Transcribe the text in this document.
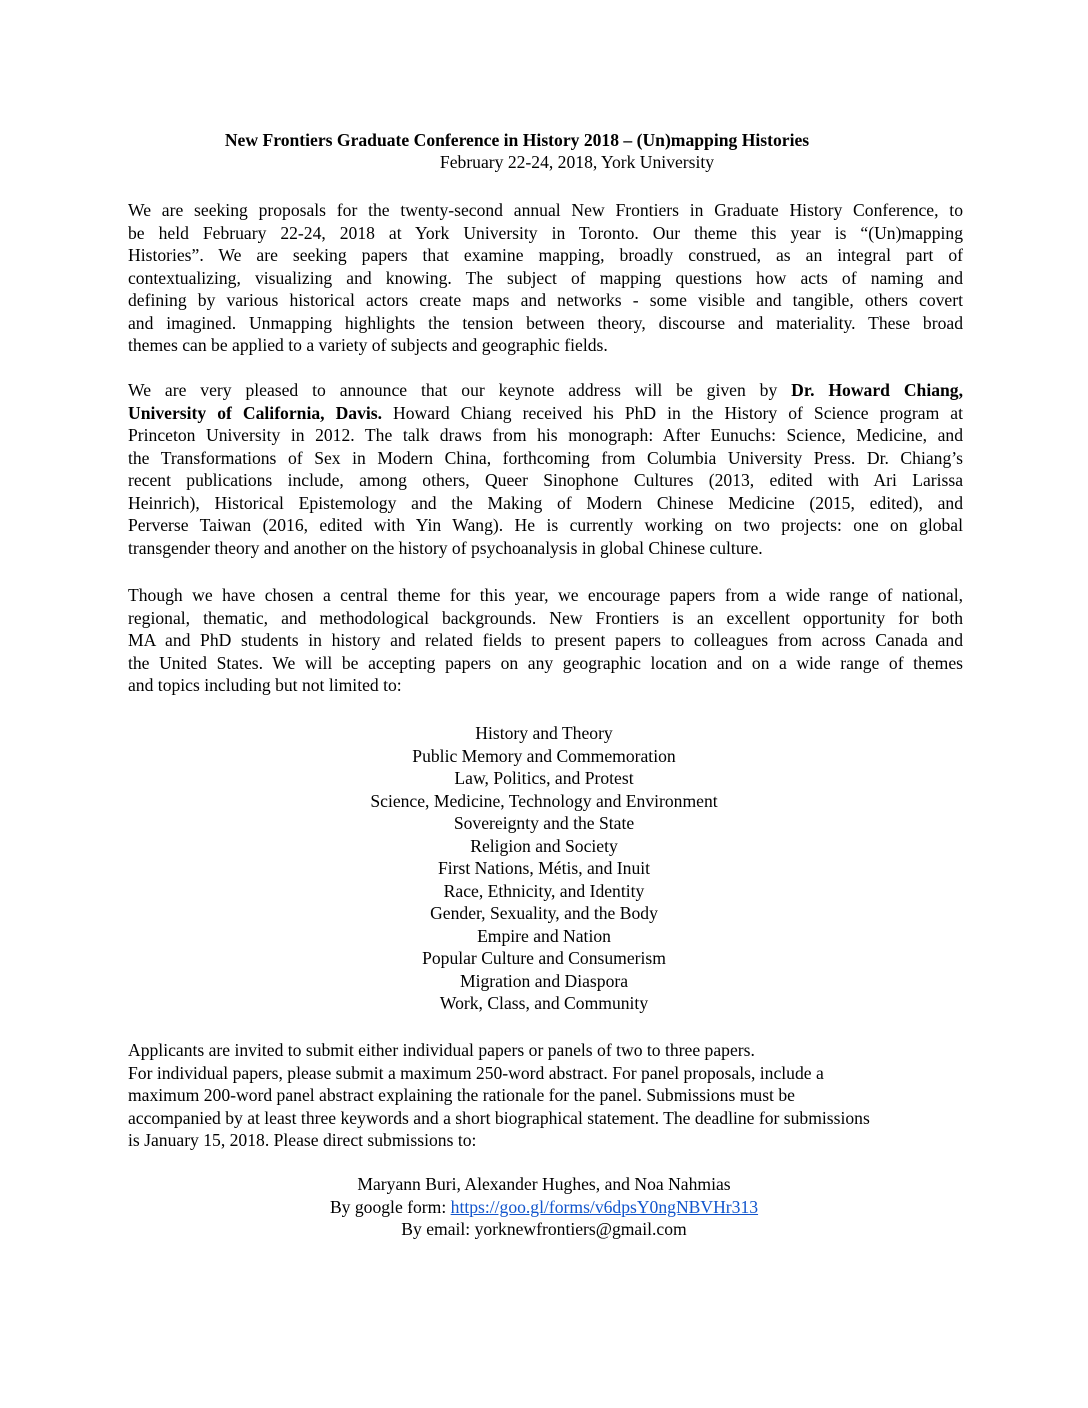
New Frontiers Graduate Conference in History 2018 – (Un)mapping Histories
February 22-24, 2018, York University
We are seeking proposals for the twenty-second annual New Frontiers in Graduate History Conference, to
be held February 22-24, 2018 at York University in Toronto. Our theme this year is “(Un)mapping
Histories”. We are seeking papers that examine mapping, broadly construed, as an integral part of
contextualizing, visualizing and knowing. The subject of mapping questions how acts of naming and
defining by various historical actors create maps and networks - some visible and tangible, others covert
and imagined. Unmapping highlights the tension between theory, discourse and materiality. These broad
themes can be applied to a variety of subjects and geographic fields.
We are very pleased to announce that our keynote address will be given by Dr. Howard Chiang,
University of California, Davis. Howard Chiang received his PhD in the History of Science program at
Princeton University in 2012. The talk draws from his monograph: After Eunuchs: Science, Medicine, and
the Transformations of Sex in Modern China, forthcoming from Columbia University Press. Dr. Chiang’s
recent publications include, among others, Queer Sinophone Cultures (2013, edited with Ari Larissa
Heinrich), Historical Epistemology and the Making of Modern Chinese Medicine (2015, edited), and
Perverse Taiwan (2016, edited with Yin Wang). He is currently working on two projects: one on global
transgender theory and another on the history of psychoanalysis in global Chinese culture.
Though we have chosen a central theme for this year, we encourage papers from a wide range of national,
regional, thematic, and methodological backgrounds. New Frontiers is an excellent opportunity for both
MA and PhD students in history and related fields to present papers to colleagues from across Canada and
the United States. We will be accepting papers on any geographic location and on a wide range of themes
and topics including but not limited to:
History and Theory
Public Memory and Commemoration
Law, Politics, and Protest
Science, Medicine, Technology and Environment
Sovereignty and the State
Religion and Society
First Nations, Métis, and Inuit
Race, Ethnicity, and Identity
Gender, Sexuality, and the Body
Empire and Nation
Popular Culture and Consumerism
Migration and Diaspora
Work, Class, and Community
Applicants are invited to submit either individual papers or panels of two to three papers.
For individual papers, please submit a maximum 250-word abstract. For panel proposals, include a
maximum 200-word panel abstract explaining the rationale for the panel. Submissions must be
accompanied by at least three keywords and a short biographical statement. The deadline for submissions
is January 15, 2018. Please direct submissions to:
Maryann Buri, Alexander Hughes, and Noa Nahmias
By google form: https://goo.gl/forms/v6dpsY0ngNBVHr313
By email: yorknewfrontiers@gmail.com
